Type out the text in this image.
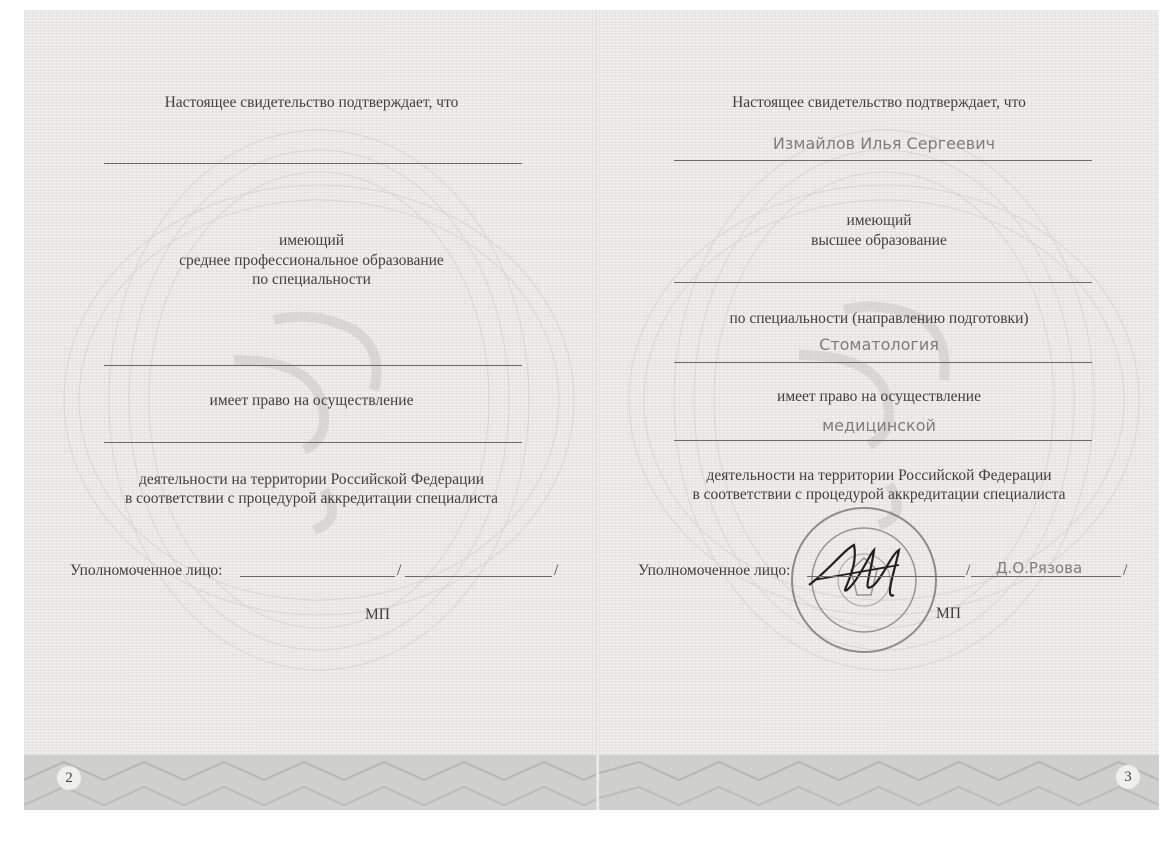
Настоящее свидетельство подтверждает, что
имеющий
среднее профессиональное образование
по специальности
имеет право на осуществление
деятельности на территории Российской Федерации
в соответствии с процедурой аккредитации специалиста
Уполномоченное лицо:	/	/
МП
2
Настоящее свидетельство подтверждает, что
Измайлов Илья Сергеевич
имеющий
высшее образование
по специальности (направлению подготовки)
Стоматология
имеет право на осуществление
медицинской
деятельности на территории Российской Федерации
в соответствии с процедурой аккредитации специалиста
Уполномоченное лицо:	/	Д.О.Рязова	/
МП
3
